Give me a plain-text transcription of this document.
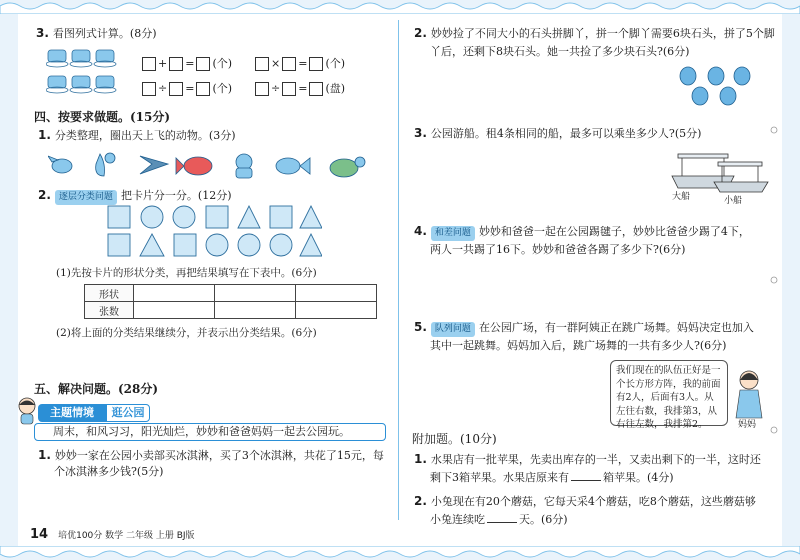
3. 看图列式计算。(8分)
+ = (个)	× = (个)
÷ = (个)	÷ = (盘)
四、按要求做题。(15分)
1. 分类整理，圈出天上飞的动物。(3分)
2. 逐层分类问题 把卡片分一分。(12分)
(1)先按卡片的形状分类，再把结果填写在下表中。(6分)
形状			
张数			
(2)将上面的分类结果继续分，并表示出分类结果。(6分)
五、解决问题。(28分)
主题情境	逛公园
周末，和风习习，阳光灿烂，妙妙和爸爸妈妈一起去公园玩。
1. 妙妙一家在公园小卖部买冰淇淋，买了3个冰淇淋，共花了15元，每
个冰淇淋多少钱?(5分)
14 培优100分 数学 二年级 上册 BJ版
2. 妙妙捡了不同大小的石头拼脚丫，拼一个脚丫需要6块石头，拼了5个脚
丫后，还剩下8块石头。她一共捡了多少块石头?(6分)
3. 公园游船。租4条相同的船，最多可以乘坐多少人?(5分)
大船	小船
4. 和差问题 妙妙和爸爸一起在公园踢毽子，妙妙比爸爸少踢了4下，
两人一共踢了16下。妙妙和爸爸各踢了多少下?(6分)
5. 队列问题 在公园广场，有一群阿姨正在跳广场舞。妈妈决定也加入
其中一起跳舞。妈妈加入后，跳广场舞的一共有多少人?(6分)
我们现在的队伍正好是一个长方形方阵，我的前面有2人，后面有3人。从左往右数，我排第3，从右往左数，我排第2。	妈妈
附加题。(10分)
1. 水果店有一批苹果，先卖出库存的一半，又卖出剩下的一半，这时还
剩下3箱苹果。水果店原来有	箱苹果。(4分)
2. 小兔现在有20个蘑菇，它每天采4个蘑菇，吃8个蘑菇，这些蘑菇够
小兔连续吃	天。(6分)
